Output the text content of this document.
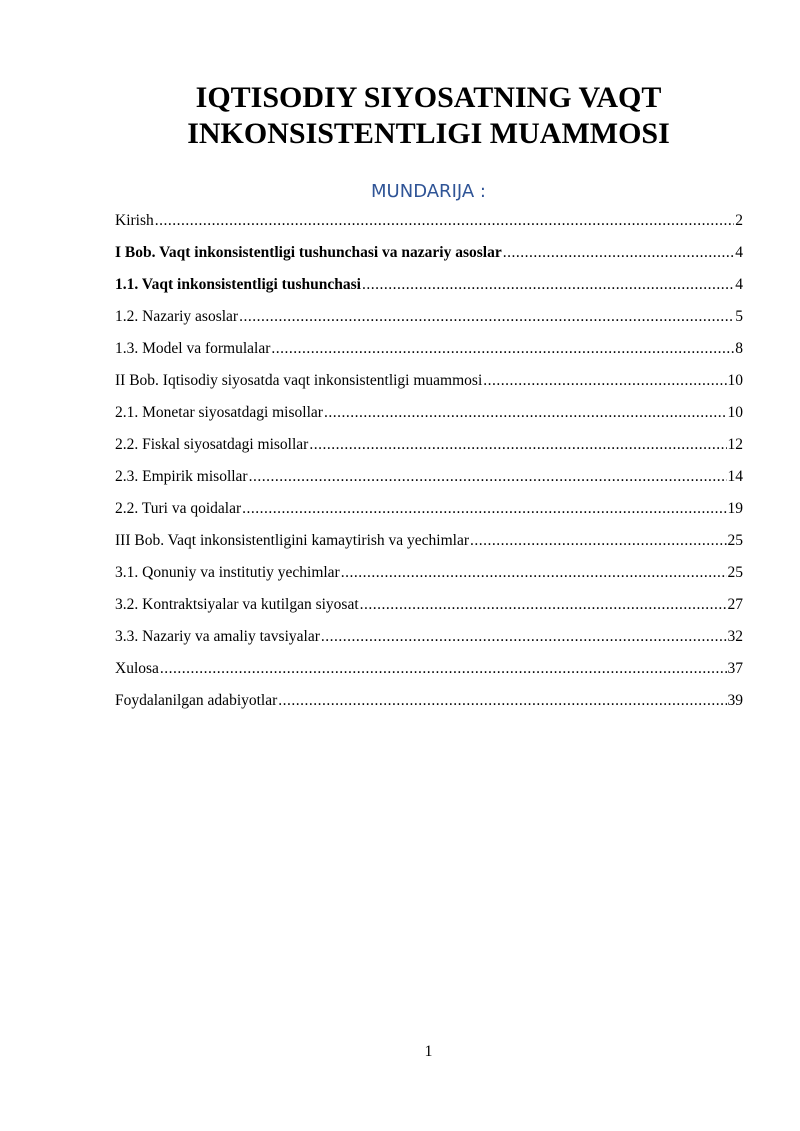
IQTISODIY SIYOSATNING VAQT
INKONSISTENTLIGI MUAMMOSI
MUNDARIJA :
Kirish .....	2
I Bob. Vaqt inkonsistentligi tushunchasi va nazariy asoslar .....	4
1.1. Vaqt inkonsistentligi tushunchasi .....	4
1.2. Nazariy asoslar .....	5
1.3. Model va formulalar .....	8
II Bob. Iqtisodiy siyosatda vaqt inkonsistentligi muammosi .....	10
2.1. Monetar siyosatdagi misollar .....	10
2.2. Fiskal siyosatdagi misollar .....	12
2.3. Empirik misollar .....	14
2.2. Turi va qoidalar .....	19
III Bob. Vaqt inkonsistentligini kamaytirish va yechimlar .....	25
3.1. Qonuniy va institutiy yechimlar .....	25
3.2. Kontraktsiyalar va kutilgan siyosat .....	27
3.3. Nazariy va amaliy tavsiyalar .....	32
Xulosa .....	37
Foydalanilgan adabiyotlar .....	39
1
